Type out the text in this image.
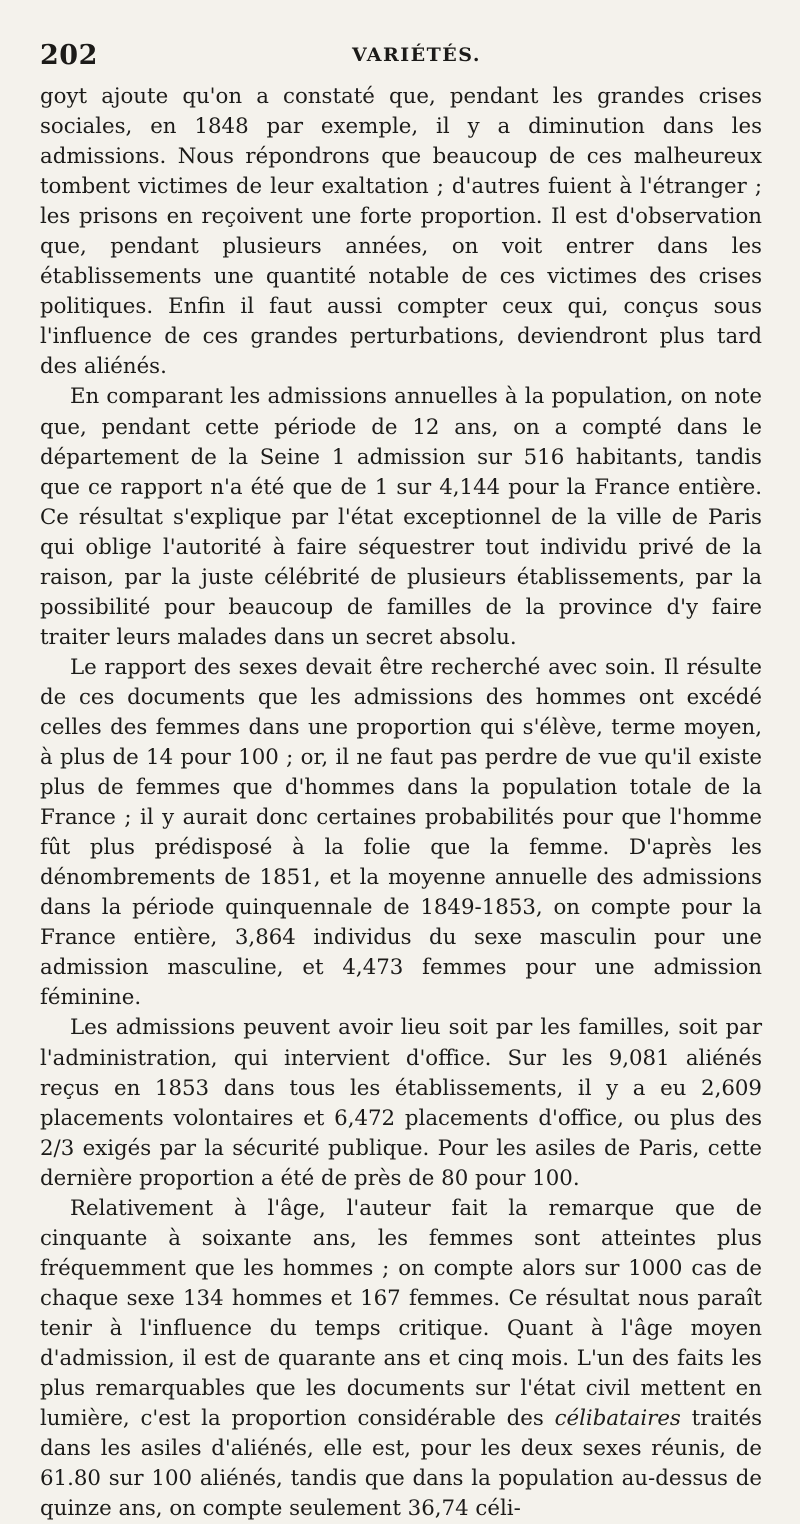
202	VARIÉTÉS.

goyt ajoute qu'on a constaté que, pendant les grandes crises sociales, en 1848 par exemple, il y a diminution dans les admissions. Nous répondrons que beaucoup de ces malheureux tombent victimes de leur exaltation ; d'autres fuient à l'étranger ; les prisons en reçoivent une forte proportion. Il est d'observation que, pendant plusieurs années, on voit entrer dans les établissements une quantité notable de ces victimes des crises politiques. Enfin il faut aussi compter ceux qui, conçus sous l'influence de ces grandes perturbations, deviendront plus tard des aliénés.

En comparant les admissions annuelles à la population, on note que, pendant cette période de 12 ans, on a compté dans le département de la Seine 1 admission sur 516 habitants, tandis que ce rapport n'a été que de 1 sur 4,144 pour la France entière. Ce résultat s'explique par l'état exceptionnel de la ville de Paris qui oblige l'autorité à faire séquestrer tout individu privé de la raison, par la juste célébrité de plusieurs établissements, par la possibilité pour beaucoup de familles de la province d'y faire traiter leurs malades dans un secret absolu.

Le rapport des sexes devait être recherché avec soin. Il résulte de ces documents que les admissions des hommes ont excédé celles des femmes dans une proportion qui s'élève, terme moyen, à plus de 14 pour 100 ; or, il ne faut pas perdre de vue qu'il existe plus de femmes que d'hommes dans la population totale de la France ; il y aurait donc certaines probabilités pour que l'homme fût plus prédisposé à la folie que la femme. D'après les dénombrements de 1851, et la moyenne annuelle des admissions dans la période quinquennale de 1849-1853, on compte pour la France entière, 3,864 individus du sexe masculin pour une admission masculine, et 4,473 femmes pour une admission féminine.

Les admissions peuvent avoir lieu soit par les familles, soit par l'administration, qui intervient d'office. Sur les 9,081 aliénés reçus en 1853 dans tous les établissements, il y a eu 2,609 placements volontaires et 6,472 placements d'office, ou plus des 2/3 exigés par la sécurité publique. Pour les asiles de Paris, cette dernière proportion a été de près de 80 pour 100.

Relativement à l'âge, l'auteur fait la remarque que de cinquante à soixante ans, les femmes sont atteintes plus fréquemment que les hommes ; on compte alors sur 1000 cas de chaque sexe 134 hommes et 167 femmes. Ce résultat nous paraît tenir à l'influence du temps critique. Quant à l'âge moyen d'admission, il est de quarante ans et cinq mois. L'un des faits les plus remarquables que les documents sur l'état civil mettent en lumière, c'est la proportion considérable des célibataires traités dans les asiles d'aliénés, elle est, pour les deux sexes réunis, de 61.80 sur 100 aliénés, tandis que dans la population au-dessus de quinze ans, on compte seulement 36,74 céli-
